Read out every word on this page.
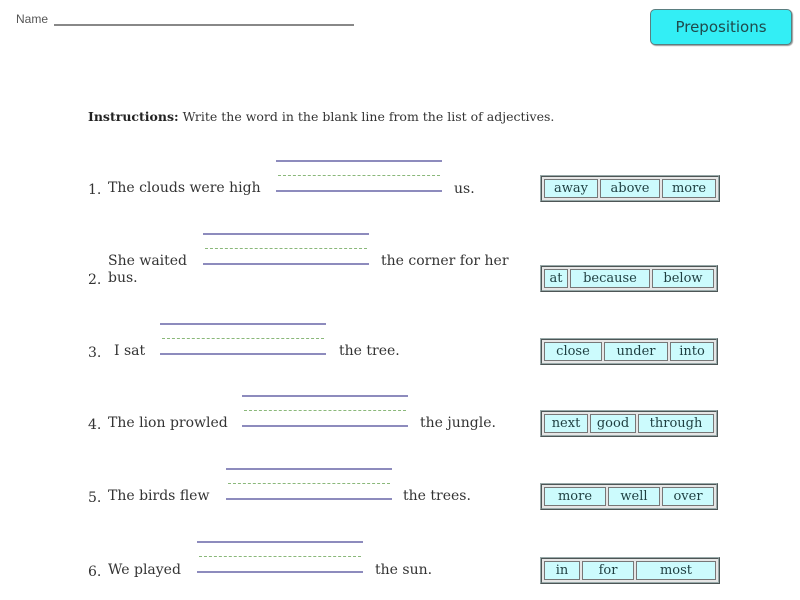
Name	Prepositions
Instructions: Write the word in the blank line from the list of adjectives.
1. The clouds were high	us.	away	above	more
2.
She waited	the corner for her
bus.	at	because	below
3. I sat	the tree.	close	under	into
4. The lion prowled	the jungle.	next	good	through
5. The birds flew	the trees.	more	well	over
6. We played	the sun.	in	for	most
